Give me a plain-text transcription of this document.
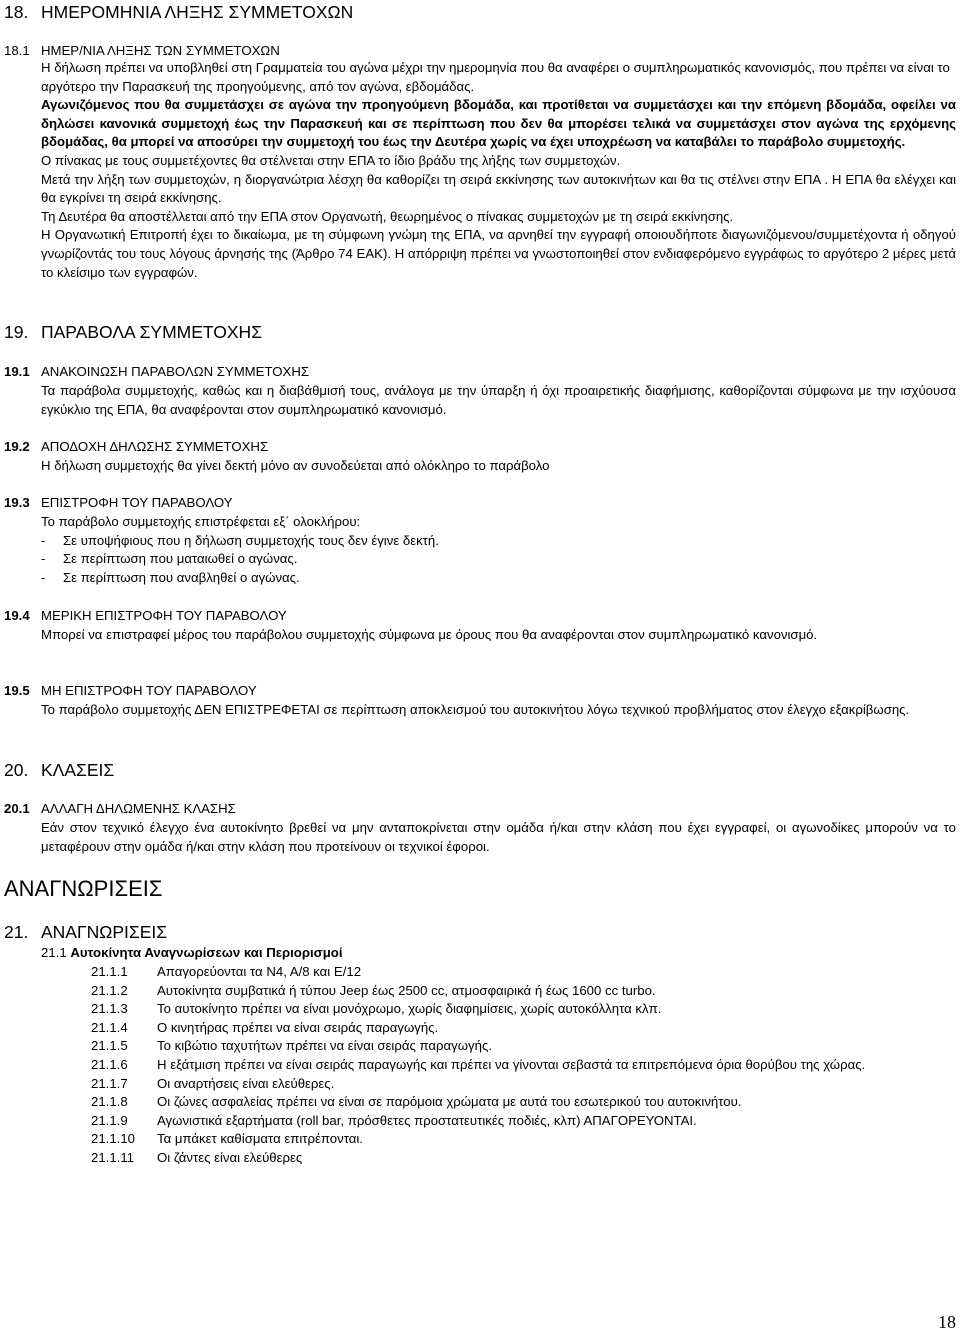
18. ΗΜΕΡΟΜΗΝΙΑ ΛΗΞΗΣ ΣΥΜΜΕΤΟΧΩΝ
18.1 ΗΜΕΡ/ΝΙΑ ΛΗΞΗΣ ΤΩΝ ΣΥΜΜΕΤΟΧΩΝ
Η δήλωση πρέπει να υποβληθεί στη Γραμματεία του αγώνα μέχρι την ημερομηνία που θα αναφέρει ο συμπληρωματικός κανονισμός, που πρέπει να είναι το αργότερο την Παρασκευή της προηγούμενης, από τον αγώνα, εβδομάδας.
Αγωνιζόμενος που θα συμμετάσχει σε αγώνα την προηγούμενη βδομάδα, και προτίθεται να συμμετάσχει και την επόμενη βδομάδα, οφείλει να δηλώσει κανονικά συμμετοχή έως την Παρασκευή και σε περίπτωση που δεν θα μπορέσει τελικά να συμμετάσχει στον αγώνα της ερχόμενης βδομάδας, θα μπορεί να αποσύρει την συμμετοχή του έως την Δευτέρα χωρίς να έχει υποχρέωση να καταβάλει το παράβολο συμμετοχής.
Ο πίνακας με τους συμμετέχοντες θα στέλνεται στην ΕΠΑ το ίδιο βράδυ της λήξης των συμμετοχών.
Μετά την λήξη των συμμετοχών, η διοργανώτρια λέσχη θα καθορίζει τη σειρά εκκίνησης των αυτοκινήτων και θα τις στέλνει στην ΕΠΑ . Η ΕΠΑ θα ελέγχει και θα εγκρίνει τη σειρά εκκίνησης.
Τη Δευτέρα θα αποστέλλεται από την ΕΠΑ στον Οργανωτή, θεωρημένος ο πίνακας συμμετοχών με τη σειρά εκκίνησης.
Η Οργανωτική Επιτροπή έχει το δικαίωμα, με τη σύμφωνη γνώμη της ΕΠΑ, να αρνηθεί την εγγραφή οποιουδήποτε διαγωνιζόμενου/συμμετέχοντα ή οδηγού γνωρίζοντάς του τους λόγους άρνησής της (Άρθρο 74 ΕΑΚ). Η απόρριψη πρέπει να γνωστοποιηθεί στον ενδιαφερόμενο εγγράφως το αργότερο 2 μέρες μετά το κλείσιμο των εγγραφών.
19. ΠΑΡΑΒΟΛΑ ΣΥΜΜΕΤΟΧΗΣ
19.1 ΑΝΑΚΟΙΝΩΣΗ ΠΑΡΑΒΟΛΩΝ ΣΥΜΜΕΤΟΧΗΣ
Τα παράβολα συμμετοχής, καθώς και η διαβάθμισή τους, ανάλογα με την ύπαρξη ή όχι προαιρετικής διαφήμισης, καθορίζονται σύμφωνα με την ισχύουσα εγκύκλιο της ΕΠΑ, θα αναφέρονται στον συμπληρωματικό κανονισμό.
19.2 ΑΠΟΔΟΧΗ ΔΗΛΩΣΗΣ ΣΥΜΜΕΤΟΧΗΣ
Η δήλωση συμμετοχής θα γίνει δεκτή μόνο αν συνοδεύεται από ολόκληρο το παράβολο
19.3 ΕΠΙΣΤΡΟΦΗ ΤΟΥ ΠΑΡΑΒΟΛΟΥ
Το παράβολο συμμετοχής επιστρέφεται εξ΄ ολοκλήρου:
-	Σε υποψήφιους που η δήλωση συμμετοχής τους δεν έγινε δεκτή.
-	Σε περίπτωση που ματαιωθεί ο αγώνας.
-	Σε περίπτωση που αναβληθεί ο αγώνας.
19.4 ΜΕΡΙΚΗ ΕΠΙΣΤΡΟΦΗ ΤΟΥ ΠΑΡΑΒΟΛΟΥ
Μπορεί να επιστραφεί μέρος του παράβολου συμμετοχής σύμφωνα με όρους που θα αναφέρονται στον συμπληρωματικό κανονισμό.
19.5 ΜΗ ΕΠΙΣΤΡΟΦΗ ΤΟΥ ΠΑΡΑΒΟΛΟΥ
Το παράβολο συμμετοχής ΔΕΝ ΕΠΙΣΤΡΕΦΕΤΑΙ σε περίπτωση αποκλεισμού του αυτοκινήτου λόγω τεχνικού προβλήματος στον έλεγχο εξακρίβωσης.
20. ΚΛΑΣΕΙΣ
20.1 ΑΛΛΑΓΗ ΔΗΛΩΜΕΝΗΣ ΚΛΑΣΗΣ
Εάν στον τεχνικό έλεγχο ένα αυτοκίνητο βρεθεί να μην ανταποκρίνεται στην ομάδα ή/και στην κλάση που έχει εγγραφεί, οι αγωνοδίκες μπορούν να το μεταφέρουν στην ομάδα ή/και στην κλάση που προτείνουν οι τεχνικοί έφοροι.
ΑΝΑΓΝΩΡΙΣΕΙΣ
21. ΑΝΑΓΝΩΡΙΣΕΙΣ
21.1 Αυτοκίνητα Αναγνωρίσεων και Περιορισμοί
21.1.1	Απαγορεύονται τα Ν4, Α/8 και Ε/12
21.1.2	Αυτοκίνητα συμβατικά ή τύπου Jeep έως 2500 cc, ατμοσφαιρικά ή έως 1600 cc turbo.
21.1.3	Το αυτοκίνητο πρέπει να είναι μονόχρωμο, χωρίς διαφημίσεις, χωρίς αυτοκόλλητα κλπ.
21.1.4	Ο κινητήρας πρέπει να είναι σειράς παραγωγής.
21.1.5	Το κιβώτιο ταχυτήτων πρέπει να είναι σειράς παραγωγής.
21.1.6	Η εξάτμιση πρέπει να είναι σειράς παραγωγής και πρέπει να γίνονται σεβαστά τα επιτρεπόμενα όρια θορύβου της χώρας.
21.1.7	Οι αναρτήσεις είναι ελεύθερες.
21.1.8	Οι ζώνες ασφαλείας πρέπει να είναι σε παρόμοια χρώματα με αυτά του εσωτερικού του αυτοκινήτου.
21.1.9	Αγωνιστικά εξαρτήματα (roll bar, πρόσθετες προστατευτικές ποδιές, κλπ) ΑΠΑΓΟΡΕΥΟΝΤΑΙ.
21.1.10	Τα μπάκετ καθίσματα επιτρέπονται.
21.1.11	Οι ζάντες είναι ελεύθερες
18
